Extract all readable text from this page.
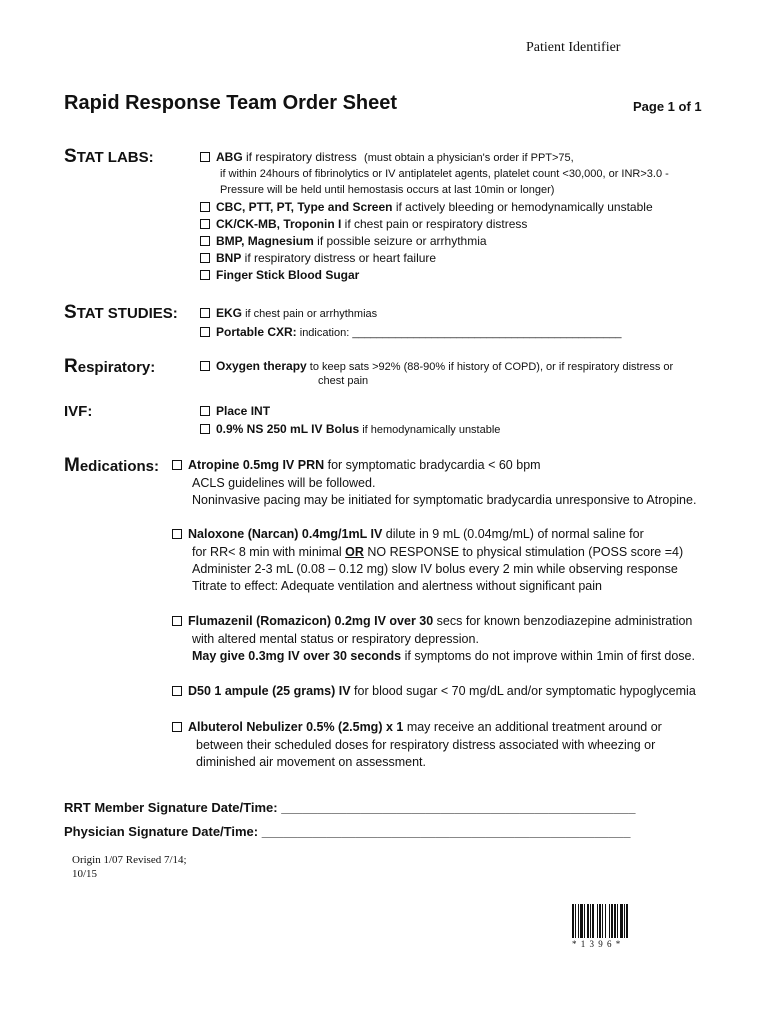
Patient Identifier
Rapid Response Team Order Sheet	Page 1 of 1
STAT LABS:	ABG if respiratory distress (must obtain a physician's order if PPT>75,
if within 24hours of fibrinolytics or IV antiplatelet agents, platelet count <30,000, or INR>3.0 -
Pressure will be held until hemostasis occurs at last 10min or longer)
CBC, PTT, PT, Type and Screen if actively bleeding or hemodynamically unstable
CK/CK-MB, Troponin I if chest pain or respiratory distress
BMP, Magnesium if possible seizure or arrhythmia
BNP if respiratory distress or heart failure
Finger Stick Blood Sugar
STAT STUDIES:	EKG if chest pain or arrhythmias
Portable CXR: indication: ____________________________________________
Respiratory:	Oxygen therapy to keep sats >92% (88-90% if history of COPD), or if respiratory distress or
chest pain
IVF:	Place INT
0.9% NS 250 mL IV Bolus if hemodynamically unstable
Medications:	Atropine 0.5mg IV PRN for symptomatic bradycardia < 60 bpm
ACLS guidelines will be followed.
Noninvasive pacing may be initiated for symptomatic bradycardia unresponsive to Atropine.
Naloxone (Narcan) 0.4mg/1mL IV dilute in 9 mL (0.04mg/mL) of normal saline for
for RR< 8 min with minimal OR NO RESPONSE to physical stimulation (POSS score =4)
Administer 2-3 mL (0.08 – 0.12 mg) slow IV bolus every 2 min while observing response
Titrate to effect: Adequate ventilation and alertness without significant pain
Flumazenil (Romazicon) 0.2mg IV over 30 secs for known benzodiazepine administration
with altered mental status or respiratory depression.
May give 0.3mg IV over 30 seconds if symptoms do not improve within 1min of first dose.
D50 1 ampule (25 grams) IV for blood sugar < 70 mg/dL and/or symptomatic hypoglycemia
Albuterol Nebulizer 0.5% (2.5mg) x 1 may receive an additional treatment around or
between their scheduled doses for respiratory distress associated with wheezing or
diminished air movement on assessment.
RRT Member Signature Date/Time: _________________________________________________
Physician Signature Date/Time: ___________________________________________________
Origin 1/07 Revised 7/14;
10/15
* 1 3 9 6 *
